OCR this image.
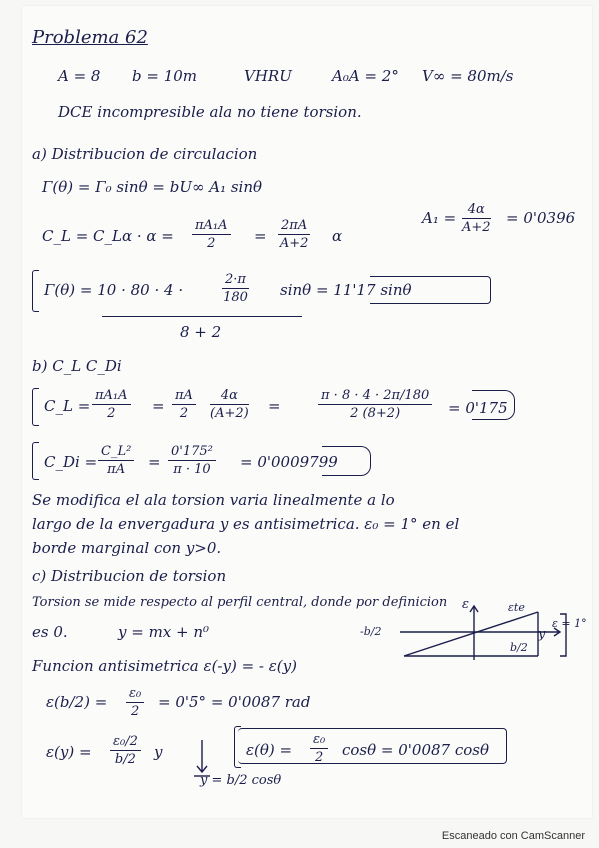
Problema 62
A = 8 b = 10m	VHRU	A₀A = 2° V∞ = 80m/s
DCE incompresible ala no tiene torsion.
a) Distribucion de circulacion
Γ(θ) = Γ₀ sinθ = bU∞ A₁ sinθ
$A_1 = \frac{4\alpha}{A+2} = 0'0396$
C_L = C_Lα · $\alpha = \frac{\text{πA₁A}}{2} = \frac{2\pi A}{A+2}$ α
Γ(θ) = 10 · 80 · 4 ·	$\frac{2\cdot\pi}{180}$ sinθ = 11'17 sinθ
8 + 2
b) C_L C_Di
C_L = $\frac{\text{πA₁A}}{2} = \frac{\pi A}{2} \frac{4\alpha}{(A+2)}$ =	$\frac{\pi \cdot 8 \cdot 4 \cdot 2\pi/180}{2 (8+2)} = 0'175$
C_Di = $\frac{\text{C\_L²}}{\pi A} = \frac{\text{0'175²}}{\pi \cdot 10} = 0'0009799$
Se modifica el ala torsion varia linealmente a lo
largo de la envergadura y es antisimetrica. ε₀ = 1° en el
borde marginal con y>0.
c) Distribucion de torsion
Torsion se mide respecto al perfil central, donde por definicion
es 0.	y = mx + n⁰
ε	εte
-b/2
b/2
y
ε = 1°
Funcion antisimetrica ε(-y) = - ε(y)
$\varepsilon(b/2) = \frac{\text{ε₀}}{2} = 0'5^\circ = 0'0087$ rad
$\varepsilon(y) = \frac{\text{ε₀/2}}{b/2}$ y
y = b/2 cosθ
$\varepsilon(\theta) = \frac{\text{ε₀}}{2}$ cosθ = 0'0087 cosθ
Escaneado con CamScanner
